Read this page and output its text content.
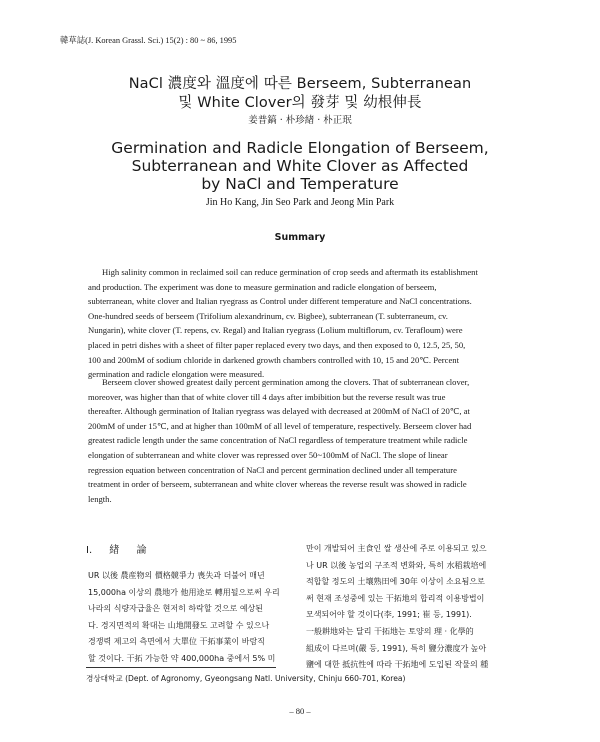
韓草誌(J. Korean Grassl. Sci.) 15(2) : 80 ~ 86, 1995
NaCl 濃度와 溫度에 따른 Berseem, Subterranean
및 White Clover의 發芽 및 幼根伸長
姜普鎬 · 朴珍緖 · 朴正珉
Germination and Radicle Elongation of Berseem,
Subterranean and White Clover as Affected
by NaCl and Temperature
Jin Ho Kang, Jin Seo Park and Jeong Min Park
Summary
High salinity common in reclaimed soil can reduce germination of crop seeds and aftermath its establishment
and production. The experiment was done to measure germination and radicle elongation of berseem,
subterranean, white clover and Italian ryegrass as Control under different temperature and NaCl concentrations.
One-hundred seeds of berseem (Trifolium alexandrinum, cv. Bigbee), subterranean (T. subterraneum, cv.
Nungarin), white clover (T. repens, cv. Regal) and Italian ryegrass (Lolium multiflorum, cv. Terafloum) were
placed in petri dishes with a sheet of filter paper replaced every two days, and then exposed to 0, 12.5, 25, 50,
100 and 200mM of sodium chloride in darkened growth chambers controlled with 10, 15 and 20℃. Percent
germination and radicle elongation were measured.
Berseem clover showed greatest daily percent germination among the clovers. That of subterranean clover,
moreover, was higher than that of white clover till 4 days after imbibition but the reverse result was true
thereafter. Although germination of Italian ryegrass was delayed with decreased at 200mM of NaCl of 20℃, at
200mM of under 15℃, and at higher than 100mM of all level of temperature, respectively. Berseem clover had
greatest radicle length under the same concentration of NaCl regardless of temperature treatment while radicle
elongation of subterranean and white clover was repressed over 50~100mM of NaCl. The slope of linear
regression equation between concentration of NaCl and percent germination declined under all temperature
treatment in order of berseem, subterranean and white clover whereas the reverse result was showed in radicle
length.
Ⅰ. 緖 論
UR 以後 農産物의 價格競爭力 喪失과 더불어 매년
15,000ha 이상의 農地가 他用途로 轉用될으로써 우리
나라의 식량자급율은 현저히 하락할 것으로 예상된
다. 경지면적의 확대는 山地開發도 고려할 수 있으나
경쟁력 제고의 측면에서 大單位 干拓事業이 바람직
할 것이다. 干拓 가능한 약 400,000ha 중에서 5% 미
만이 개발되어 主食인 쌀 생산에 주로 이용되고 있으
나 UR 以後 농업의 구조적 변화와, 특히 水稻栽培에
적합할 정도의 土壤熟田에 30年 이상이 소요됨으로
써 현재 조성중에 있는 干拓地의 합리적 이용방법이
모색되어야 할 것이다(李, 1991; 崔 등, 1991).
一般耕地와는 달리 干拓地는 토양의 理 · 化學的
組成이 다르며(嚴 등, 1991), 특히 鹽分濃度가 높아
鹽에 대한 抵抗性에 따라 干拓地에 도입된 작물의 種
경상대학교 (Dept. of Agronomy, Gyeongsang Natl. University, Chinju 660-701, Korea)
– 80 –
